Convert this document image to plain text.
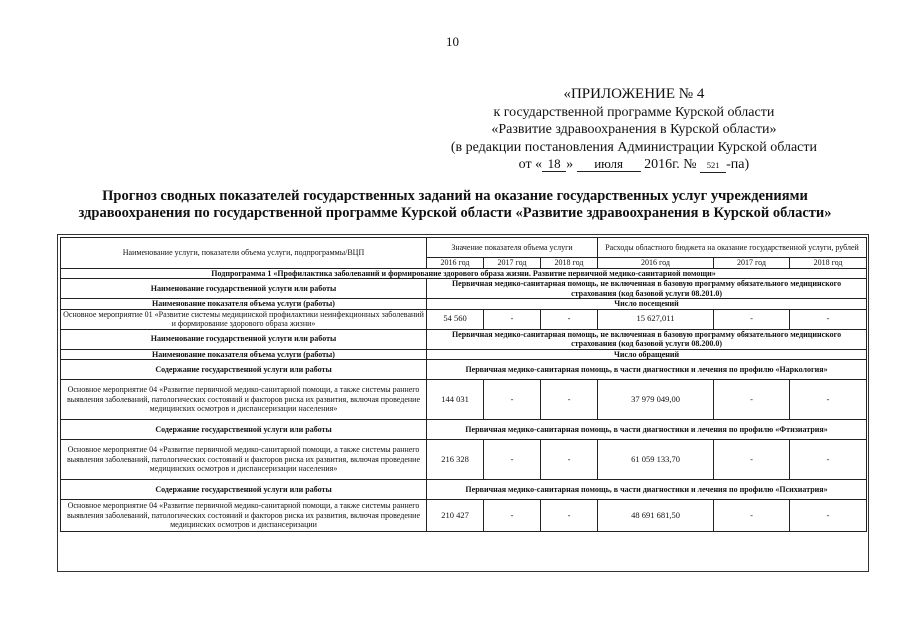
10
«ПРИЛОЖЕНИЕ № 4
к государственной программе Курской области
«Развитие здравоохранения в Курской области»
(в редакции постановления Администрации Курской области
от « 18 » июля 2016г. № 521 -па)
Прогноз сводных показателей государственных заданий на оказание государственных услуг учреждениями
здравоохранения по государственной программе Курской области «Развитие здравоохранения в Курской области»
Наименование услуги, показатели объема услуги, подпрограммы/ВЦП	Значение показателя объема услуги			Расходы областного бюджета на оказание государственной услуги, рублей		
	2016 год	2017 год	2018 год	2016 год	2017 год	2018 год
Подпрограмма 1 «Профилактика заболеваний и формирование здорового образа жизни. Развитие первичной медико-санитарной помощи»						
Наименование государственной услуги или работы	Первичная медико-санитарная помощь, не включенная в базовую программу обязательного медицинского страхования (код базовой услуги 08.201.0)					
Наименование показателя объема услуги (работы)	Число посещений					
Основное мероприятие 01 «Развитие системы медицинской профилактики неинфекционных заболеваний и формирование здорового образа жизни»	54 560	-	-	15 627,011	-	-
Наименование государственной услуги или работы	Первичная медико-санитарная помощь, не включенная в базовую программу обязательного медицинского страхования (код базовой услуги 08.200.0)					
Наименование показателя объема услуги (работы)	Число обращений					
Содержание государственной услуги или работы	Первичная медико-санитарная помощь, в части диагностики и лечения по профилю «Наркология»					
Основное мероприятие 04 «Развитие первичной медико-санитарной помощи, а также системы раннего выявления заболеваний, патологических состояний и факторов риска их развития, включая проведение медицинских осмотров и диспансеризации населения»	144 031	-	-	37 979 049,00	-	-
Содержание государственной услуги или работы	Первичная медико-санитарная помощь, в части диагностики и лечения по профилю «Фтизиатрия»					
Основное мероприятие 04 «Развитие первичной медико-санитарной помощи, а также системы раннего выявления заболеваний, патологических состояний и факторов риска их развития, включая проведение медицинских осмотров и диспансеризации населения»	216 328	-	-	61 059 133,70	-	-
Содержание государственной услуги или работы	Первичная медико-санитарная помощь, в части диагностики и лечения по профилю «Психиатрия»					
Основное мероприятие 04 «Развитие первичной медико-санитарной помощи, а также системы раннего выявления заболеваний, патологических состояний и факторов риска их развития, включая проведение медицинских осмотров и диспансеризации	210 427	-	-	48 691 681,50	-	-
